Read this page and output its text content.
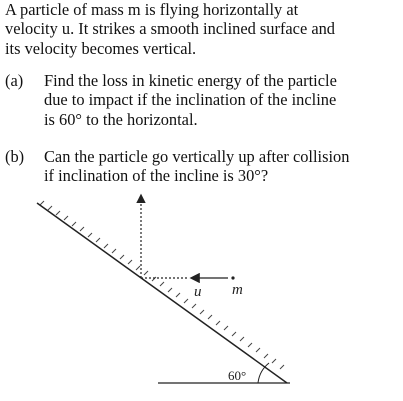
A particle of mass m is flying horizontally at
velocity u. It strikes a smooth inclined surface and
its velocity becomes vertical.
(a) Find the loss in kinetic energy of the particle
due to impact if the inclination of the incline
is 60° to the horizontal.
(b) Can the particle go vertically up after collision
if inclination of the incline is 30°?
u m
60°
